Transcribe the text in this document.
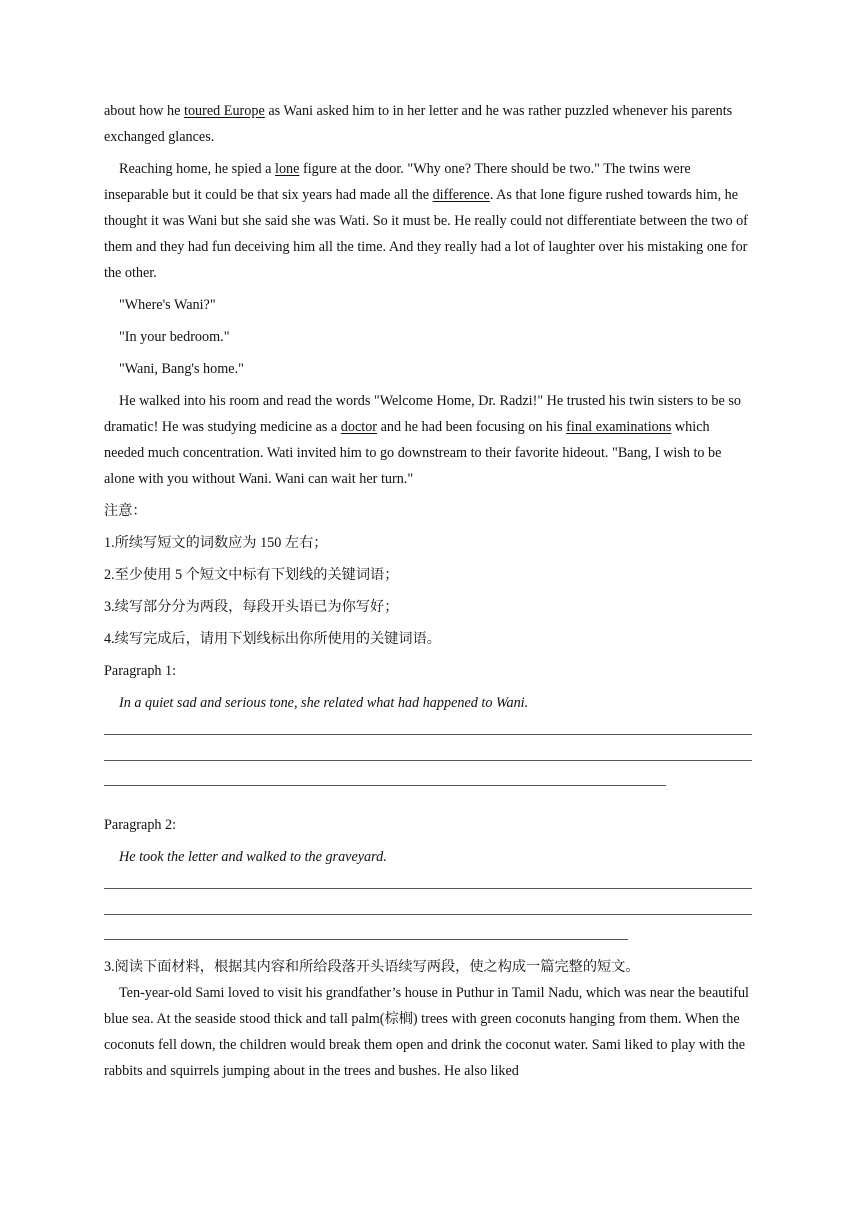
about how he toured Europe as Wani asked him to in her letter and he was rather puzzled whenever his parents exchanged glances.

Reaching home, he spied a lone figure at the door. "Why one? There should be two." The twins were inseparable but it could be that six years had made all the difference. As that lone figure rushed towards him, he thought it was Wani but she said she was Wati. So it must be. He really could not differentiate between the two of them and they had fun deceiving him all the time. And they really had a lot of laughter over his mistaking one for the other.

"Where's Wani?"

"In your bedroom."

"Wani, Bang's home."

He walked into his room and read the words "Welcome Home, Dr. Radzi!" He trusted his twin sisters to be so dramatic! He was studying medicine as a doctor and he had been focusing on his final examinations which needed much concentration. Wati invited him to go downstream to their favorite hideout. "Bang, I wish to be alone with you without Wani. Wani can wait her turn."

注意：

1.所续写短文的词数应为 150 左右；

2.至少使用 5 个短文中标有下划线的关键词语；

3.续写部分分为两段，每段开头语已为你写好；

4.续写完成后，请用下划线标出你所使用的关键词语。

Paragraph 1:

In a quiet sad and serious tone, she related what had happened to Wani.

Paragraph 2:

He took the letter and walked to the graveyard.

3.阅读下面材料，根据其内容和所给段落开头语续写两段，使之构成一篇完整的短文。

Ten-year-old Sami loved to visit his grandfather’s house in Puthur in Tamil Nadu, which was near the beautiful blue sea. At the seaside stood thick and tall palm(棕榈) trees with green coconuts hanging from them. When the coconuts fell down, the children would break them open and drink the coconut water. Sami liked to play with the rabbits and squirrels jumping about in the trees and bushes. He also liked
